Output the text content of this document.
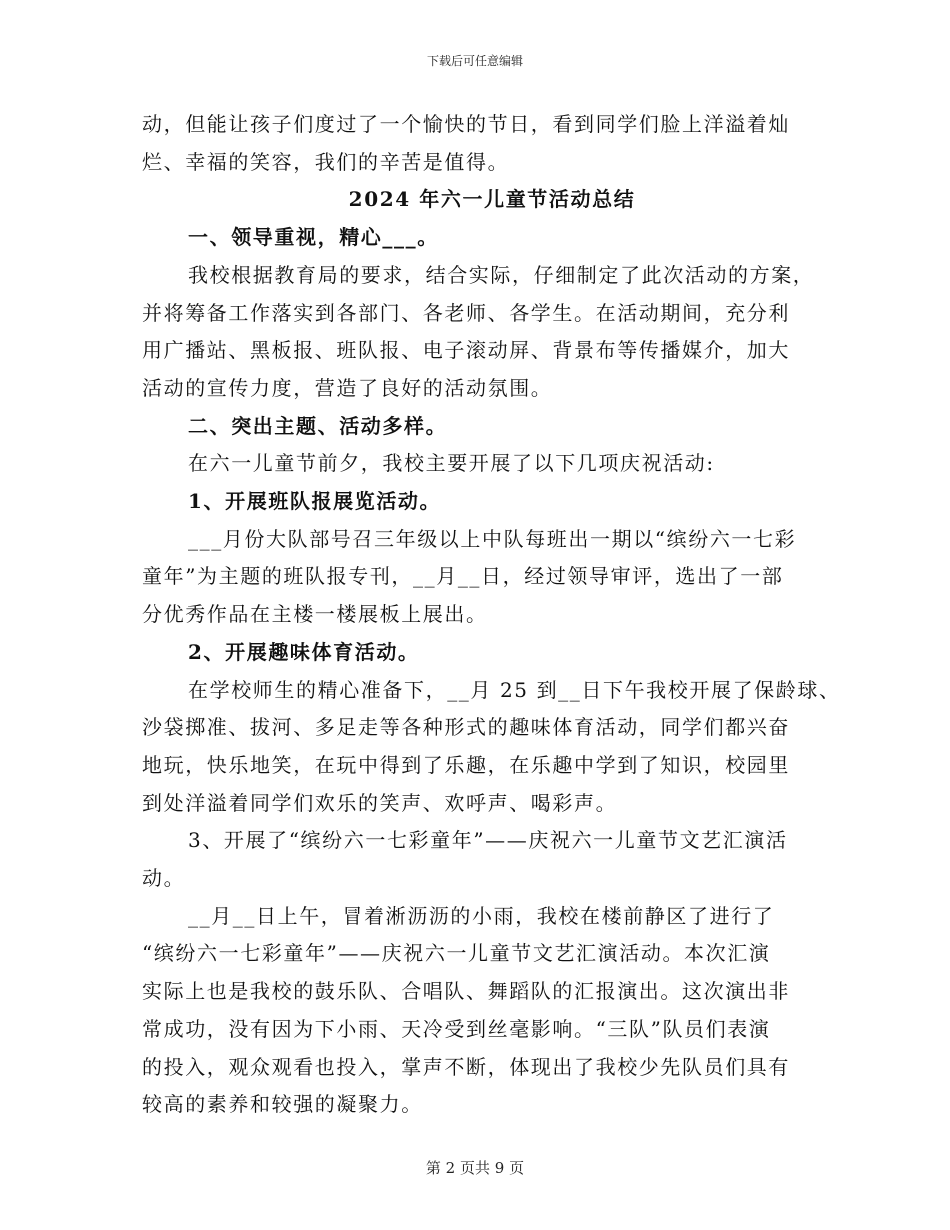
下载后可任意编辑

动，但能让孩子们度过了一个愉快的节日，看到同学们脸上洋溢着灿

烂、幸福的笑容，我们的辛苦是值得。

2024 年六一儿童节活动总结

一、领导重视，精心___。

我校根据教育局的要求，结合实际，仔细制定了此次活动的方案，

并将筹备工作落实到各部门、各老师、各学生。在活动期间，充分利

用广播站、黑板报、班队报、电子滚动屏、背景布等传播媒介，加大

活动的宣传力度，营造了良好的活动氛围。

二、突出主题、活动多样。

在六一儿童节前夕，我校主要开展了以下几项庆祝活动:

1、开展班队报展览活动。

___月份大队部号召三年级以上中队每班出一期以“缤纷六一七彩

童年”为主题的班队报专刊，__月__日，经过领导审评，选出了一部

分优秀作品在主楼一楼展板上展出。

2、开展趣味体育活动。

在学校师生的精心准备下，__月 25 到__日下午我校开展了保龄球、

沙袋掷准、拔河、多足走等各种形式的趣味体育活动，同学们都兴奋

地玩，快乐地笑，在玩中得到了乐趣，在乐趣中学到了知识，校园里

到处洋溢着同学们欢乐的笑声、欢呼声、喝彩声。

3、开展了“缤纷六一七彩童年”——庆祝六一儿童节文艺汇演活

动。

__月__日上午，冒着淅沥沥的小雨，我校在楼前静区了进行了

“缤纷六一七彩童年”——庆祝六一儿童节文艺汇演活动。本次汇演

实际上也是我校的鼓乐队、合唱队、舞蹈队的汇报演出。这次演出非

常成功，没有因为下小雨、天冷受到丝毫影响。“三队”队员们表演

的投入，观众观看也投入，掌声不断，体现出了我校少先队员们具有

较高的素养和较强的凝聚力。

第 2 页共 9 页
